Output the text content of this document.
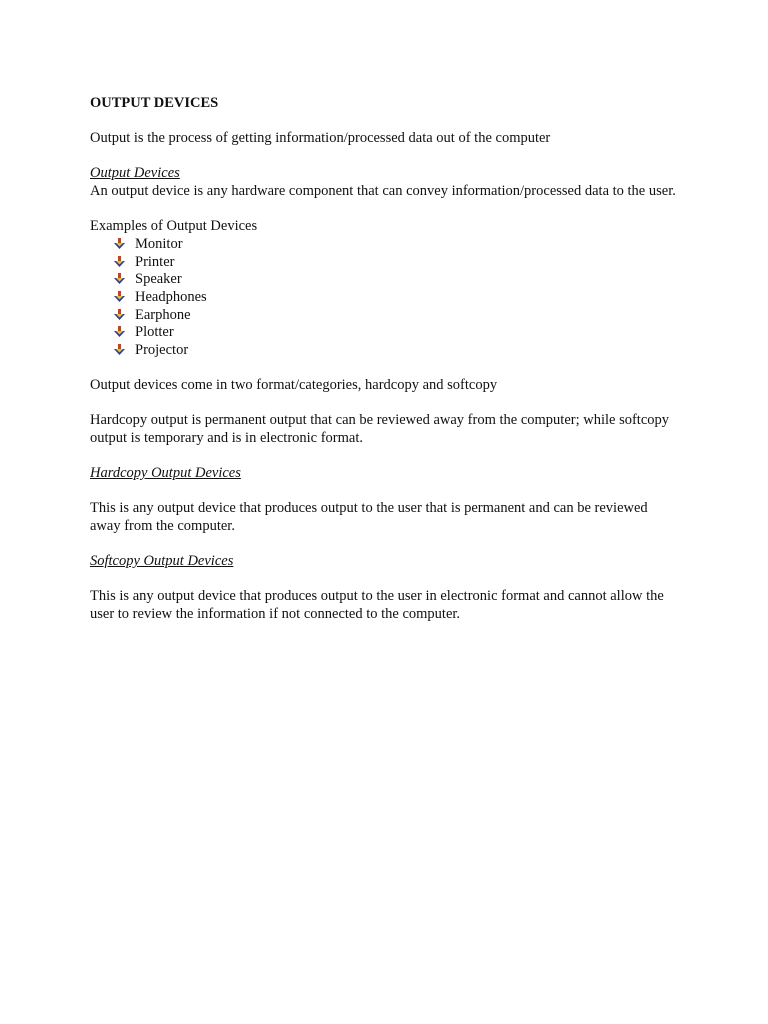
OUTPUT DEVICES
Output is the process of getting information/processed data out of the computer
Output Devices
An output device is any hardware component that can convey information/processed data to the user.
Examples of Output Devices
Monitor
Printer
Speaker
Headphones
Earphone
Plotter
Projector
Output devices come in two format/categories, hardcopy and softcopy
Hardcopy output is permanent output that can be reviewed away from the computer; while softcopy output is temporary and is in electronic format.
Hardcopy Output Devices
This is any output device that produces output to the user that is permanent and can be reviewed away from the computer.
Softcopy Output Devices
This is any output device that produces output to the user in electronic format and cannot allow the user to review the information if not connected to the computer.
